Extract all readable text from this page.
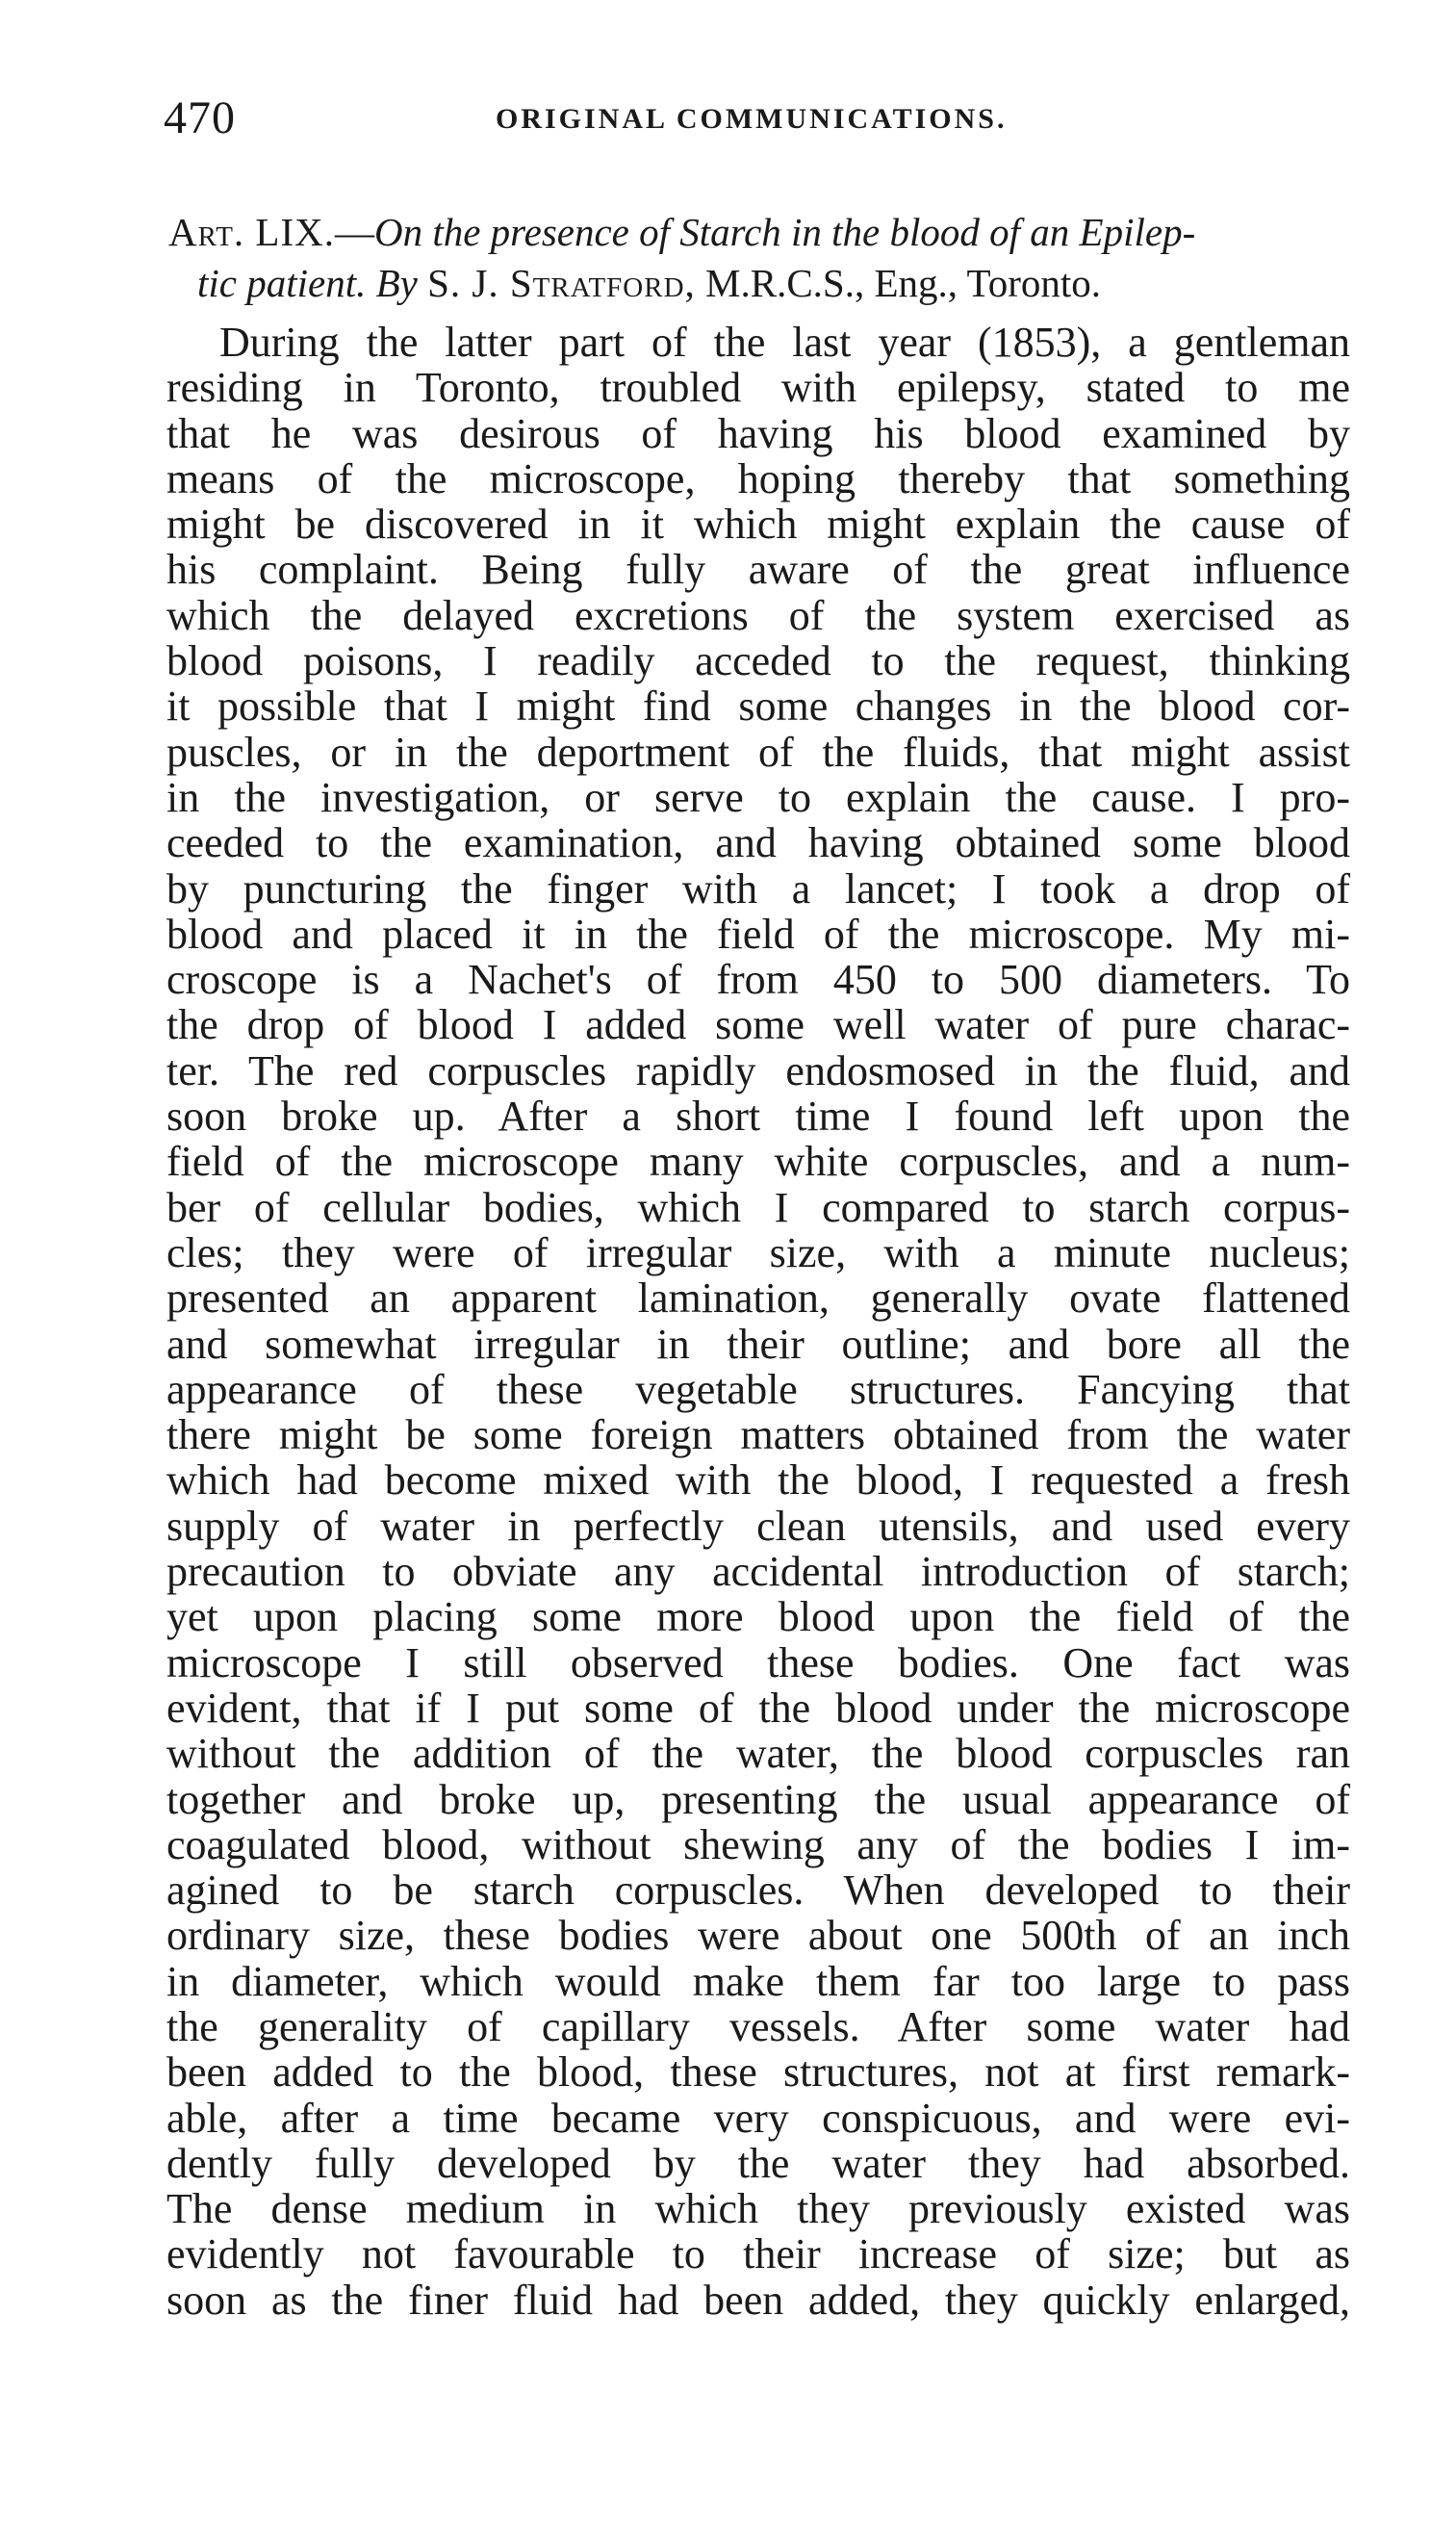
470	ORIGINAL COMMUNICATIONS.
Art. LIX.—On the presence of Starch in the blood of an Epilep-
tic patient. By S. J. Stratford, M.R.C.S., Eng., Toronto.
During the latter part of the last year (1853), a gentleman
residing in Toronto, troubled with epilepsy, stated to me
that he was desirous of having his blood examined by
means of the microscope, hoping thereby that something
might be discovered in it which might explain the cause of
his complaint. Being fully aware of the great influence
which the delayed excretions of the system exercised as
blood poisons, I readily acceded to the request, thinking
it possible that I might find some changes in the blood cor-
puscles, or in the deportment of the fluids, that might assist
in the investigation, or serve to explain the cause. I pro-
ceeded to the examination, and having obtained some blood
by puncturing the finger with a lancet; I took a drop of
blood and placed it in the field of the microscope. My mi-
croscope is a Nachet's of from 450 to 500 diameters. To
the drop of blood I added some well water of pure charac-
ter. The red corpuscles rapidly endosmosed in the fluid, and
soon broke up. After a short time I found left upon the
field of the microscope many white corpuscles, and a num-
ber of cellular bodies, which I compared to starch corpus-
cles; they were of irregular size, with a minute nucleus;
presented an apparent lamination, generally ovate flattened
and somewhat irregular in their outline; and bore all the
appearance of these vegetable structures. Fancying that
there might be some foreign matters obtained from the water
which had become mixed with the blood, I requested a fresh
supply of water in perfectly clean utensils, and used every
precaution to obviate any accidental introduction of starch;
yet upon placing some more blood upon the field of the
microscope I still observed these bodies. One fact was
evident, that if I put some of the blood under the microscope
without the addition of the water, the blood corpuscles ran
together and broke up, presenting the usual appearance of
coagulated blood, without shewing any of the bodies I im-
agined to be starch corpuscles. When developed to their
ordinary size, these bodies were about one 500th of an inch
in diameter, which would make them far too large to pass
the generality of capillary vessels. After some water had
been added to the blood, these structures, not at first remark-
able, after a time became very conspicuous, and were evi-
dently fully developed by the water they had absorbed.
The dense medium in which they previously existed was
evidently not favourable to their increase of size; but as
soon as the finer fluid had been added, they quickly enlarged,
